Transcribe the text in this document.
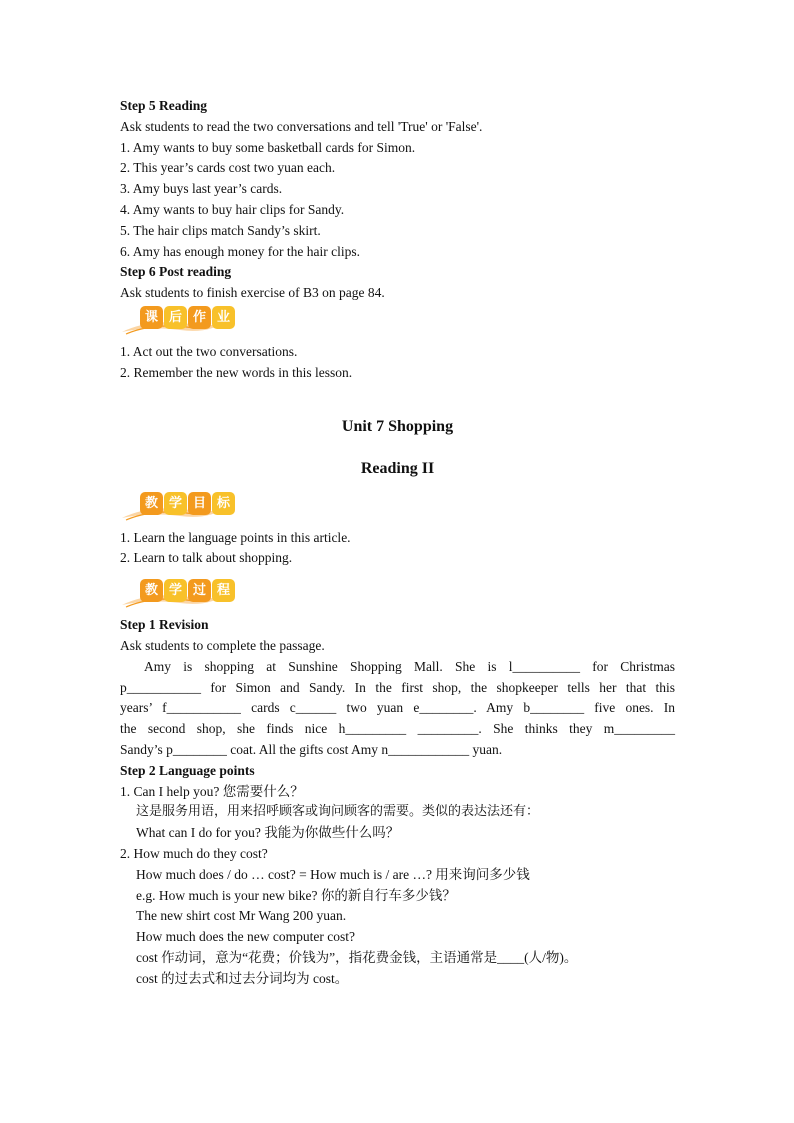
Step 5 Reading
Ask students to read the two conversations and tell 'True' or 'False'.
1. Amy wants to buy some basketball cards for Simon.
2. This year’s cards cost two yuan each.
3. Amy buys last year’s cards.
4. Amy wants to buy hair clips for Sandy.
5. The hair clips match Sandy’s skirt.
6. Amy has enough money for the hair clips.
Step 6 Post reading
Ask students to finish exercise of B3 on page 84.
课 后 作 业
1. Act out the two conversations.
2. Remember the new words in this lesson.
Unit 7 Shopping
Reading II
教 学 目 标
1. Learn the language points in this article.
2. Learn to talk about shopping.
教 学 过 程
Step 1 Revision
Ask students to complete the passage.
Amy is shopping at Sunshine Shopping Mall. She is l__________ for Christmas
p___________ for Simon and Sandy. In the first shop, the shopkeeper tells her that this
years’ f___________ cards c______ two yuan e________. Amy b________ five ones. In
the second shop, she finds nice h_________ _________. She thinks they m_________
Sandy’s p________ coat. All the gifts cost Amy n____________ yuan.
Step 2 Language points
1. Can I help you? 您需要什么？
这是服务用语，用来招呼顾客或询问顾客的需要。类似的表达法还有：
What can I do for you? 我能为你做些什么吗？
2. How much do they cost?
How much does / do … cost? = How much is / are …? 用来询问多少钱
e.g. How much is your new bike? 你的新自行车多少钱？
The new shirt cost Mr Wang 200 yuan.
How much does the new computer cost?
cost 作动词，意为“花费；价钱为”，指花费金钱，主语通常是____(人/物)。
cost 的过去式和过去分词均为 cost。
